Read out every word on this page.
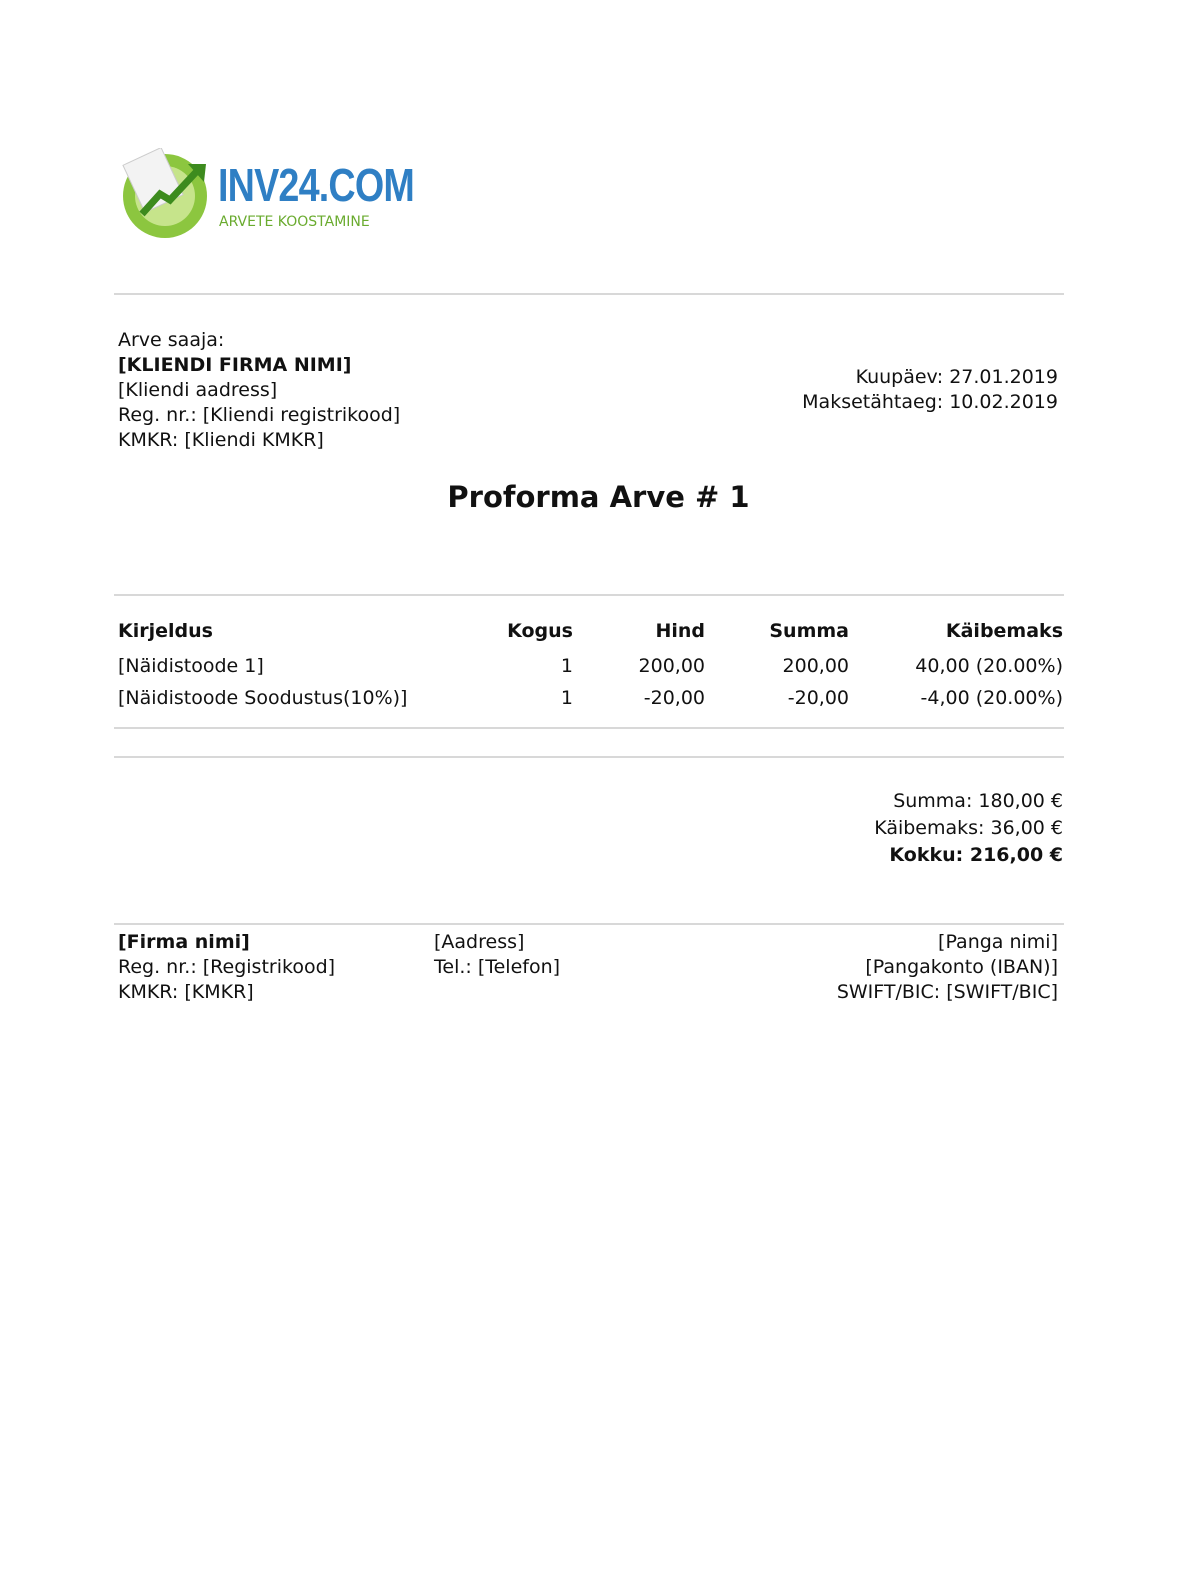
INV24.COM
ARVETE KOOSTAMINE
Arve saaja:
[KLIENDI FIRMA NIMI]
[Kliendi aadress]
Reg. nr.: [Kliendi registrikood]
KMKR: [Kliendi KMKR]
Kuupäev: 27.01.2019
Maksetähtaeg: 10.02.2019
Proforma Arve # 1
Kirjeldus	Kogus	Hind	Summa	Käibemaks
[Näidistoode 1]	1	200,00	200,00	40,00 (20.00%)
[Näidistoode Soodustus(10%)]	1	-20,00	-20,00	-4,00 (20.00%)
Summa: 180,00 €
Käibemaks: 36,00 €
Kokku: 216,00 €
[Firma nimi]
Reg. nr.: [Registrikood]
KMKR: [KMKR]
[Aadress]
Tel.: [Telefon]
[Panga nimi]
[Pangakonto (IBAN)]
SWIFT/BIC: [SWIFT/BIC]
